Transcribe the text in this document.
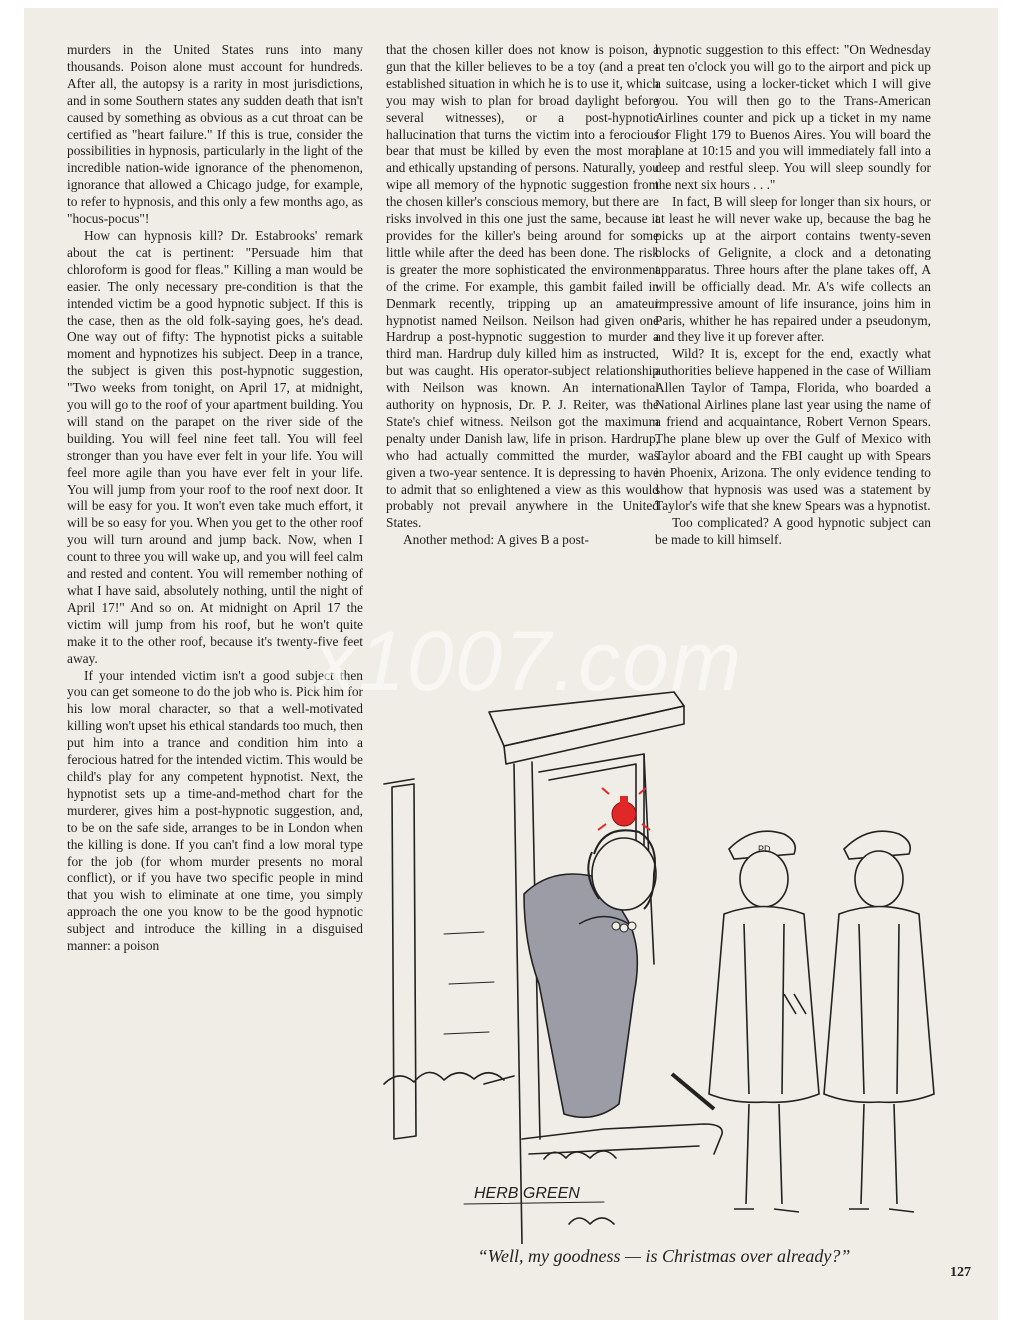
murders in the United States runs into many thousands. Poison alone must account for hundreds. After all, the autopsy is a rarity in most jurisdictions, and in some Southern states any sudden death that isn't caused by something as obvious as a cut throat can be certified as "heart failure." If this is true, consider the possibilities in hypnosis, particularly in the light of the incredible nation-wide ignorance of the phenomenon, ignorance that allowed a Chicago judge, for example, to refer to hypnosis, and this only a few months ago, as "hocus-pocus"!

How can hypnosis kill? Dr. Estabrooks' remark about the cat is pertinent: "Persuade him that chloroform is good for fleas." Killing a man would be easier. The only necessary pre-condition is that the intended victim be a good hypnotic subject. If this is the case, then as the old folk-saying goes, he's dead. One way out of fifty: The hypnotist picks a suitable moment and hypnotizes his subject. Deep in a trance, the subject is given this post-hypnotic suggestion, "Two weeks from tonight, on April 17, at midnight, you will go to the roof of your apartment building. You will stand on the parapet on the river side of the building. You will feel nine feet tall. You will feel stronger than you have ever felt in your life. You will feel more agile than you have ever felt in your life. You will jump from your roof to the roof next door. It will be easy for you. It won't even take much effort, it will be so easy for you. When you get to the other roof you will turn around and jump back. Now, when I count to three you will wake up, and you will feel calm and rested and content. You will remember nothing of what I have said, absolutely nothing, until the night of April 17!" And so on. At midnight on April 17 the victim will jump from his roof, but he won't quite make it to the other roof, because it's twenty-five feet away.

If your intended victim isn't a good subject then you can get someone to do the job who is. Pick him for his low moral character, so that a well-motivated killing won't upset his ethical standards too much, then put him into a trance and condition him into a ferocious hatred for the intended victim. This would be child's play for any competent hypnotist. Next, the hypnotist sets up a time-and-method chart for the murderer, gives him a post-hypnotic suggestion, and, to be on the safe side, arranges to be in London when the killing is done. If you can't find a low moral type for the job (for whom murder presents no moral conflict), or if you have two specific people in mind that you wish to eliminate at one time, you simply approach the one you know to be the good hypnotic subject and introduce the killing in a disguised manner: a poison

that the chosen killer does not know is poison, a gun that the killer believes to be a toy (and a pre-established situation in which he is to use it, which you may wish to plan for broad daylight before several witnesses), or a post-hypnotic hallucination that turns the victim into a ferocious bear that must be killed by even the most moral and ethically upstanding of persons. Naturally, you wipe all memory of the hypnotic suggestion from the chosen killer's conscious memory, but there are risks involved in this one just the same, because it provides for the killer's being around for some little while after the deed has been done. The risk is greater the more sophisticated the environment of the crime. For example, this gambit failed in Denmark recently, tripping up an amateur hypnotist named Neilson. Neilson had given one Hardrup a post-hypnotic suggestion to murder a third man. Hardrup duly killed him as instructed, but was caught. His operator-subject relationship with Neilson was known. An international authority on hypnosis, Dr. P. J. Reiter, was the State's chief witness. Neilson got the maximum penalty under Danish law, life in prison. Hardrup, who had actually committed the murder, was given a two-year sentence. It is depressing to have to admit that so enlightened a view as this would probably not prevail anywhere in the United States.

Another method: A gives B a post-

hypnotic suggestion to this effect: "On Wednesday at ten o'clock you will go to the airport and pick up a suitcase, using a locker-ticket which I will give you. You will then go to the Trans-American Airlines counter and pick up a ticket in my name for Flight 179 to Buenos Aires. You will board the plane at 10:15 and you will immediately fall into a deep and restful sleep. You will sleep soundly for the next six hours . . ."

In fact, B will sleep for longer than six hours, or at least he will never wake up, because the bag he picks up at the airport contains twenty-seven blocks of Gelignite, a clock and a detonating apparatus. Three hours after the plane takes off, A will be officially dead. Mr. A's wife collects an impressive amount of life insurance, joins him in Paris, whither he has repaired under a pseudonym, and they live it up forever after.

Wild? It is, except for the end, exactly what authorities believe happened in the case of William Allen Taylor of Tampa, Florida, who boarded a National Airlines plane last year using the name of a friend and acquaintance, Robert Vernon Spears. The plane blew up over the Gulf of Mexico with Taylor aboard and the FBI caught up with Spears in Phoenix, Arizona. The only evidence tending to show that hypnosis was used was a statement by Taylor's wife that she knew Spears was a hypnotist.

Too complicated? A good hypnotic subject can be made to kill himself.

PD
HERB GREEN
x1007.com
“Well, my goodness — is Christmas over already?”
127
